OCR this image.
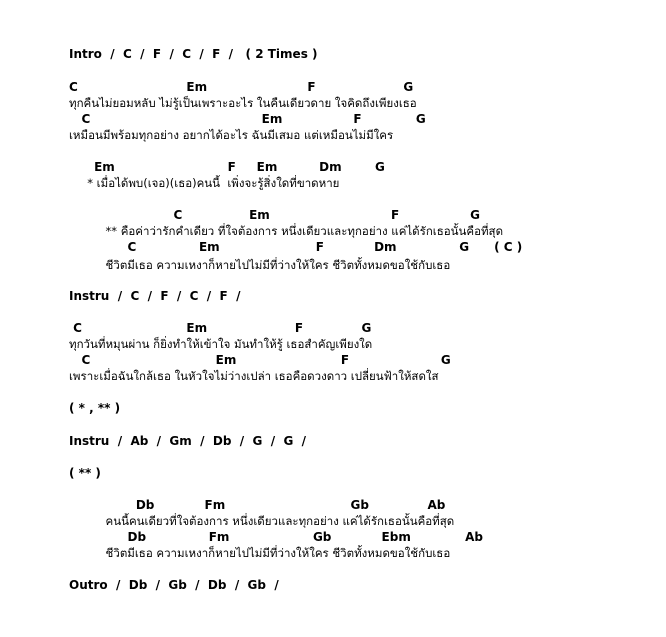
Intro  /  C  /  F  /  C  /  F  /   ( 2 Times )
C                          Em                        F                     G
ทุกคืนไม่ยอมหลับ ไม่รู้เป็นเพราะอะไร ในคืนเดียวดาย ใจคิดถึงเพียงเธอ
C                                         Em                 F             G
เหมือนมีพร้อมทุกอย่าง อยากได้อะไร ฉันมีเสมอ แต่เหมือนไม่มีใคร
Em                           F     Em          Dm        G
* เมื่อได้พบ(เจอ)(เธอ)คนนี้  เพิ่งจะรู้สิ่งใดที่ขาดหาย
C                Em                             F                 G
** คือค่าว่ารักคำเดียว ที่ใจต้องการ หนึ่งเดียวและทุกอย่าง แค่ได้รักเธอนั้นคือที่สุด
C               Em                       F            Dm               G      ( C )
ชีวิตมีเธอ ความเหงาก็หายไปไม่มีที่ว่างให้ใคร ชีวิตทั้งหมดขอใช้กับเธอ
Instru  /  C  /  F  /  C  /  F  /
C                         Em                     F              G
ทุกวันที่หมุนผ่าน ก็ยิ่งทำให้เข้าใจ มันทำให้รู้ เธอสำคัญเพียงใด
C                              Em                         F                      G
เพราะเมื่อฉันใกล้เธอ ในหัวใจไม่ว่างเปล่า เธอคือดวงดาว เปลี่ยนฟ้าให้สดใส
( * , ** )
Instru  /  Ab  /  Gm  /  Db  /  G  /  G  /
( ** )
Db            Fm                              Gb              Ab
คนนี้คนเดียวที่ใจต้องการ หนึ่งเดียวและทุกอย่าง แค่ได้รักเธอนั้นคือที่สุด
Db               Fm                    Gb            Ebm             Ab
ชีวิตมีเธอ ความเหงาก็หายไปไม่มีที่ว่างให้ใคร ชีวิตทั้งหมดขอใช้กับเธอ
Outro  /  Db  /  Gb  /  Db  /  Gb  /
